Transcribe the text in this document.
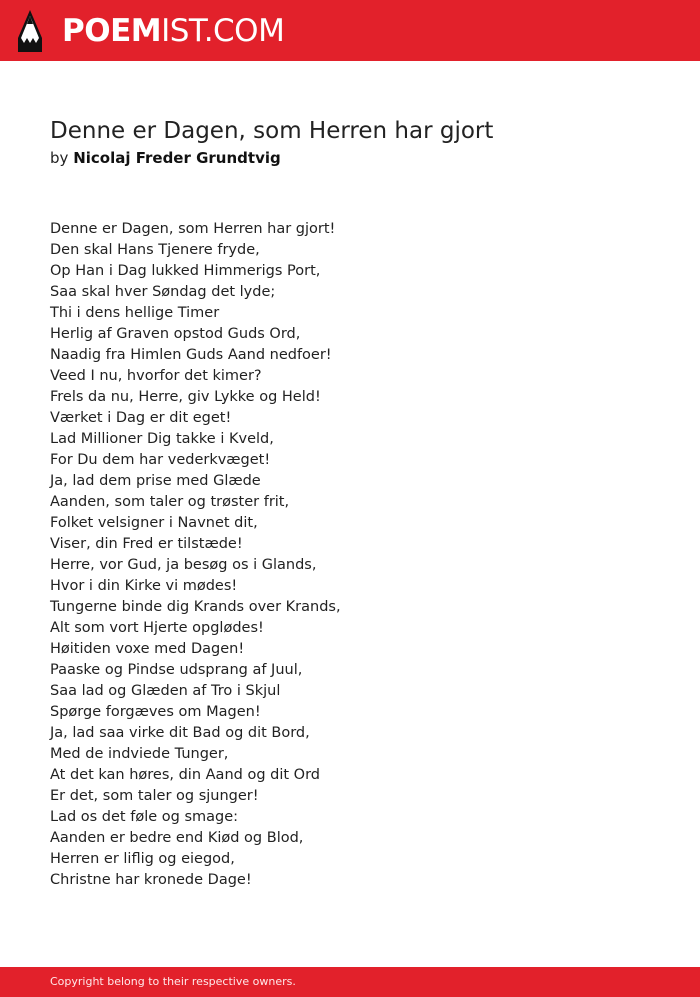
POEMIST.COM
Denne er Dagen, som Herren har gjort
by Nicolaj Freder Grundtvig
Denne er Dagen, som Herren har gjort!
Den skal Hans Tjenere fryde,
Op Han i Dag lukked Himmerigs Port,
Saa skal hver Søndag det lyde;
Thi i dens hellige Timer
Herlig af Graven opstod Guds Ord,
Naadig fra Himlen Guds Aand nedfoer!
Veed I nu, hvorfor det kimer?
Frels da nu, Herre, giv Lykke og Held!
Værket i Dag er dit eget!
Lad Millioner Dig takke i Kveld,
For Du dem har vederkvæget!
Ja, lad dem prise med Glæde
Aanden, som taler og trøster frit,
Folket velsigner i Navnet dit,
Viser, din Fred er tilstæde!
Herre, vor Gud, ja besøg os i Glands,
Hvor i din Kirke vi mødes!
Tungerne binde dig Krands over Krands,
Alt som vort Hjerte opglødes!
Høitiden voxe med Dagen!
Paaske og Pindse udsprang af Juul,
Saa lad og Glæden af Tro i Skjul
Spørge forgæves om Magen!
Ja, lad saa virke dit Bad og dit Bord,
Med de indviede Tunger,
At det kan høres, din Aand og dit Ord
Er det, som taler og sjunger!
Lad os det føle og smage:
Aanden er bedre end Kiød og Blod,
Herren er liflig og eiegod,
Christne har kronede Dage!
Copyright belong to their respective owners.
